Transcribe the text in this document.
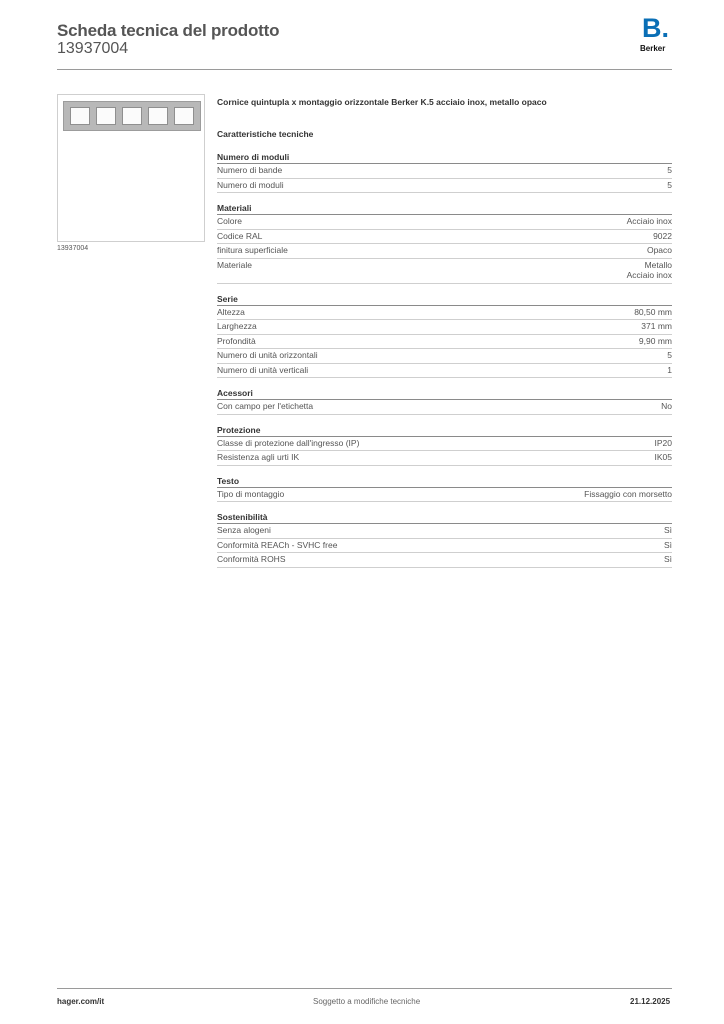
Scheda tecnica del prodotto
13937004
B.
Berker
13937004
Cornice quintupla x montaggio orizzontale Berker K.5 acciaio inox, metallo opaco
Caratteristiche tecniche
Numero di moduli
Numero di bande	5
Numero di moduli	5
Materiali
Colore	Acciaio inox
Codice RAL	9022
finitura superficiale	Opaco
Materiale	Metallo
Acciaio inox
Serie
Altezza	80,50 mm
Larghezza	371 mm
Profondità	9,90 mm
Numero di unità orizzontali	5
Numero di unità verticali	1
Acessori
Con campo per l'etichetta	No
Protezione
Classe di protezione dall'ingresso (IP)	IP20
Resistenza agli urti IK	IK05
Testo
Tipo di montaggio	Fissaggio con morsetto
Sostenibilità
Senza alogeni	Sì
Conformità REACh - SVHC free	Sì
Conformità ROHS	Sì
hager.com/it	Soggetto a modifiche tecniche	21.12.2025
